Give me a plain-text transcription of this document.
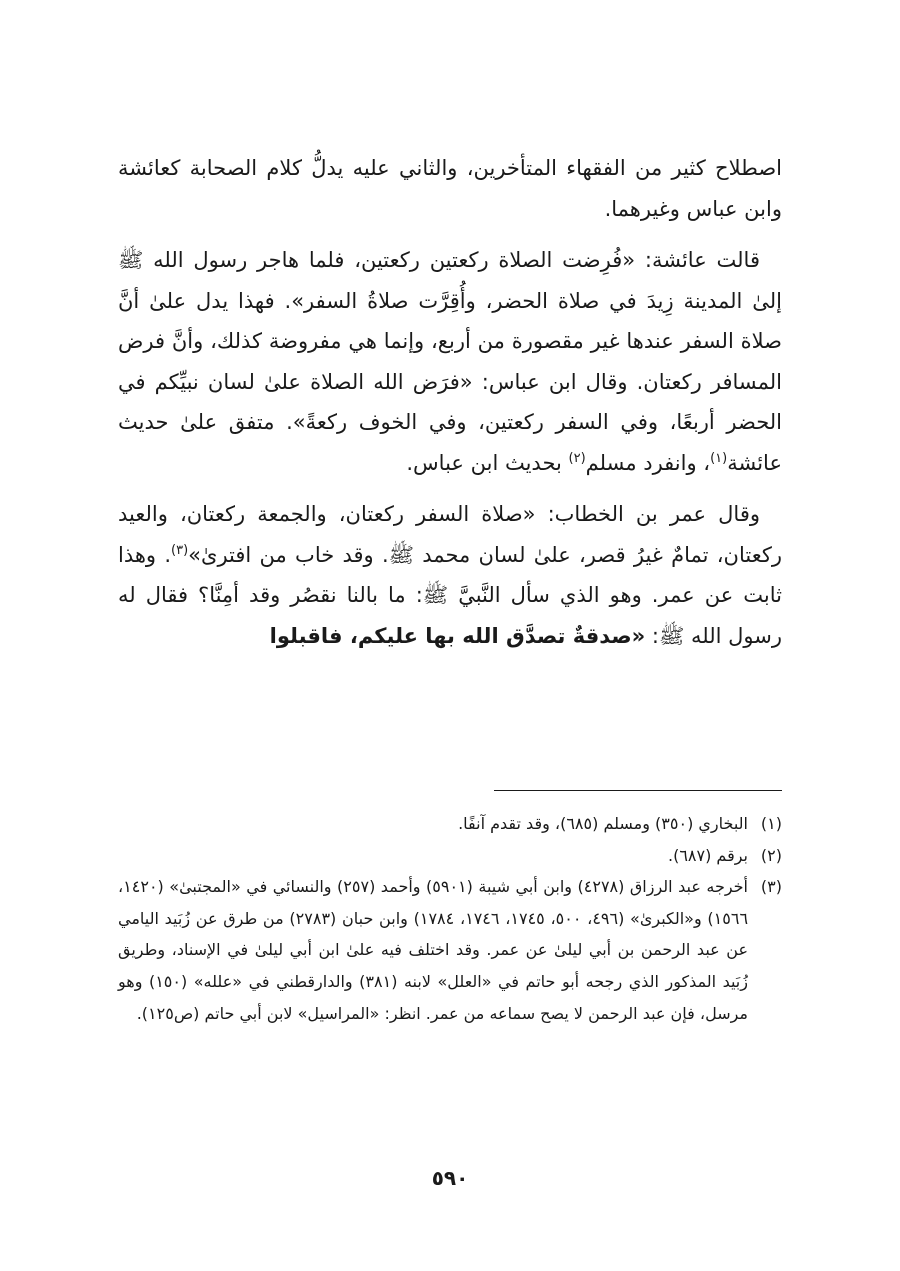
اصطلاح كثير من الفقهاء المتأخرين، والثاني عليه يدلُّ كلام الصحابة كعائشة وابن عباس وغيرهما.

قالت عائشة: «فُرِضت الصلاة ركعتين ركعتين، فلما هاجر رسول الله ﷺ إلىٰ المدينة زِيدَ في صلاة الحضر، وأُقِرَّت صلاةُ السفر». فهذا يدل علىٰ أنَّ صلاة السفر عندها غير مقصورة من أربع، وإنما هي مفروضة كذلك، وأنَّ فرض المسافر ركعتان. وقال ابن عباس: «فرَض الله الصلاة علىٰ لسان نبيِّكم في الحضر أربعًا، وفي السفر ركعتين، وفي الخوف ركعةً». متفق علىٰ حديث عائشة$^{(١)}$، وانفرد مسلم$^{(٢)}$ بحديث ابن عباس.

وقال عمر بن الخطاب: «صلاة السفر ركعتان، والجمعة ركعتان، والعيد ركعتان، تمامٌ غيرُ قصر، علىٰ لسان محمد ﷺ. وقد خاب من افترىٰ»$^{(٣)}$. وهذا ثابت عن عمر. وهو الذي سأل النَّبيَّ ﷺ: ما بالنا نقصُر وقد أمِنَّا؟ فقال له رسول الله ﷺ: «صدقةٌ تصدَّق الله بها عليكم، فاقبلوا

(١)
البخاري (٣٥٠) ومسلم (٦٨٥)، وقد تقدم آنفًا.
(٢)
برقم (٦٨٧).
(٣)
أخرجه عبد الرزاق (٤٢٧٨) وابن أبي شيبة (٥٩٠١) وأحمد (٢٥٧) والنسائي في «المجتبىٰ» (١٤٢٠، ١٥٦٦) و«الكبرىٰ» (٤٩٦، ٥٠٠، ١٧٤٥، ١٧٤٦، ١٧٨٤) وابن حبان (٢٧٨٣) من طرق عن زُبَيد اليامي عن عبد الرحمن بن أبي ليلىٰ عن عمر. وقد اختلف فيه علىٰ ابن أبي ليلىٰ في الإسناد، وطريق زُبَيد المذكور الذي رجحه أبو حاتم في «العلل» لابنه (٣٨١) والدارقطني في «علله» (١٥٠) وهو مرسل، فإن عبد الرحمن لا يصح سماعه من عمر. انظر: «المراسيل» لابن أبي حاتم (ص١٢٥).
٥٩٠
